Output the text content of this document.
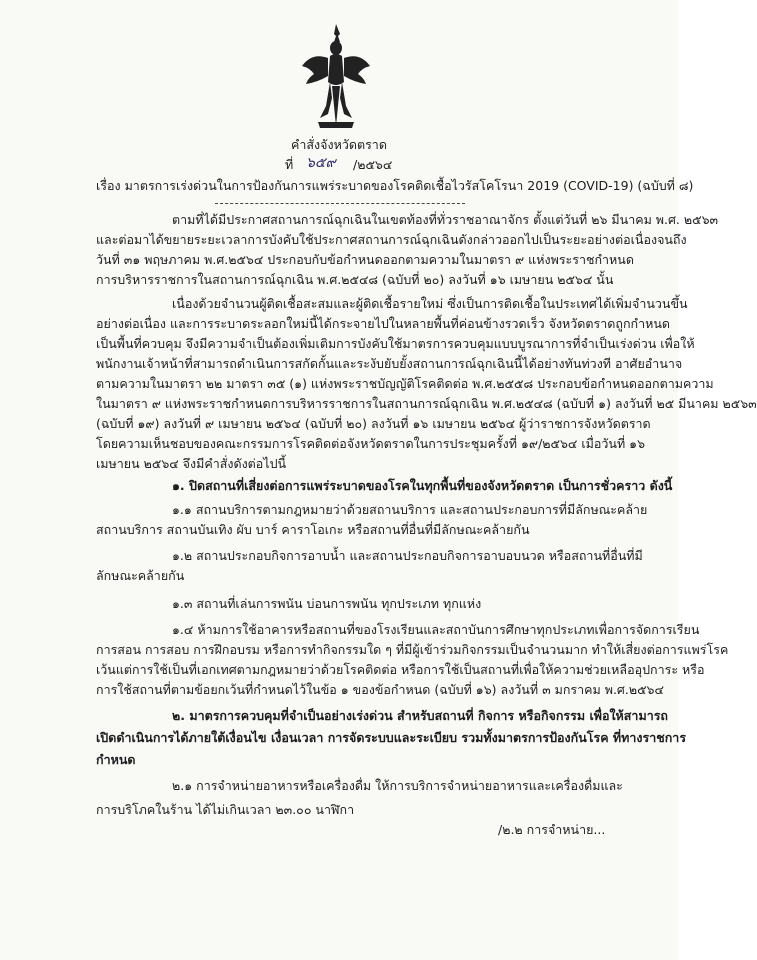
คำสั่งจังหวัดตราด
ที่ ๖๕๙ /๒๕๖๔
เรื่อง มาตรการเร่งด่วนในการป้องกันการแพร่ระบาดของโรคติดเชื้อไวรัสโคโรนา 2019 (COVID-19) (ฉบับที่ ๘)
ตามที่ได้มีประกาศสถานการณ์ฉุกเฉินในเขตท้องที่ทั่วราชอาณาจักร ตั้งแต่วันที่ ๒๖ มีนาคม พ.ศ. ๒๕๖๓
และต่อมาได้ขยายระยะเวลาการบังคับใช้ประกาศสถานการณ์ฉุกเฉินดังกล่าวออกไปเป็นระยะอย่างต่อเนื่องจนถึง
วันที่ ๓๑ พฤษภาคม พ.ศ.๒๕๖๔ ประกอบกับข้อกำหนดออกตามความในมาตรา ๙ แห่งพระราชกำหนด
การบริหารราชการในสถานการณ์ฉุกเฉิน พ.ศ.๒๕๔๘ (ฉบับที่ ๒๐) ลงวันที่ ๑๖ เมษายน ๒๕๖๔ นั้น
เนื่องด้วยจำนวนผู้ติดเชื้อสะสมและผู้ติดเชื้อรายใหม่ ซึ่งเป็นการติดเชื้อในประเทศได้เพิ่มจำนวนขึ้น
อย่างต่อเนื่อง และการระบาดระลอกใหม่นี้ได้กระจายไปในหลายพื้นที่ค่อนข้างรวดเร็ว จังหวัดตราดถูกกำหนด
เป็นพื้นที่ควบคุม จึงมีความจำเป็นต้องเพิ่มเติมการบังคับใช้มาตรการควบคุมแบบบูรณาการที่จำเป็นเร่งด่วน เพื่อให้
พนักงานเจ้าหน้าที่สามารถดำเนินการสกัดกั้นและระงับยับยั้งสถานการณ์ฉุกเฉินนี้ได้อย่างทันท่วงที อาศัยอำนาจ
ตามความในมาตรา ๒๒ มาตรา ๓๕ (๑) แห่งพระราชบัญญัติโรคติดต่อ พ.ศ.๒๕๕๘ ประกอบข้อกำหนดออกตามความ
ในมาตรา ๙ แห่งพระราชกำหนดการบริหารราชการในสถานการณ์ฉุกเฉิน พ.ศ.๒๕๔๘ (ฉบับที่ ๑) ลงวันที่ ๒๕ มีนาคม ๒๕๖๓
(ฉบับที่ ๑๙) ลงวันที่ ๙ เมษายน ๒๕๖๔ (ฉบับที่ ๒๐) ลงวันที่ ๑๖ เมษายน ๒๕๖๔ ผู้ว่าราชการจังหวัดตราด
โดยความเห็นชอบของคณะกรรมการโรคติดต่อจังหวัดตราดในการประชุมครั้งที่ ๑๙/๒๕๖๔ เมื่อวันที่ ๑๖
เมษายน ๒๕๖๔ จึงมีคำสั่งดังต่อไปนี้
๑. ปิดสถานที่เสี่ยงต่อการแพร่ระบาดของโรคในทุกพื้นที่ของจังหวัดตราด เป็นการชั่วคราว ดังนี้
๑.๑ สถานบริการตามกฎหมายว่าด้วยสถานบริการ และสถานประกอบการที่มีลักษณะคล้าย
สถานบริการ สถานบันเทิง ผับ บาร์ คาราโอเกะ หรือสถานที่อื่นที่มีลักษณะคล้ายกัน
๑.๒ สถานประกอบกิจการอาบน้ำ และสถานประกอบกิจการอาบอบนวด หรือสถานที่อื่นที่มี
ลักษณะคล้ายกัน
๑.๓ สถานที่เล่นการพนัน บ่อนการพนัน ทุกประเภท ทุกแห่ง
๑.๔ ห้ามการใช้อาคารหรือสถานที่ของโรงเรียนและสถาบันการศึกษาทุกประเภทเพื่อการจัดการเรียน
การสอน การสอบ การฝึกอบรม หรือการทำกิจกรรมใด ๆ ที่มีผู้เข้าร่วมกิจกรรมเป็นจำนวนมาก ทำให้เสี่ยงต่อการแพร่โรค
เว้นแต่การใช้เป็นที่เอกเทศตามกฎหมายว่าด้วยโรคติดต่อ หรือการใช้เป็นสถานที่เพื่อให้ความช่วยเหลืออุปการะ หรือ
การใช้สถานที่ตามข้อยกเว้นที่กำหนดไว้ในข้อ ๑ ของข้อกำหนด (ฉบับที่ ๑๖) ลงวันที่ ๓ มกราคม พ.ศ.๒๕๖๔
๒. มาตรการควบคุมที่จำเป็นอย่างเร่งด่วน สำหรับสถานที่ กิจการ หรือกิจกรรม เพื่อให้สามารถ
เปิดดำเนินการได้ภายใต้เงื่อนไข เงื่อนเวลา การจัดระบบและระเบียบ รวมทั้งมาตรการป้องกันโรค ที่ทางราชการ
กำหนด
๒.๑ การจำหน่ายอาหารหรือเครื่องดื่ม ให้การบริการจำหน่ายอาหารและเครื่องดื่มและ
การบริโภคในร้าน ได้ไม่เกินเวลา ๒๓.๐๐ นาฬิกา
/๒.๒ การจำหน่าย...
